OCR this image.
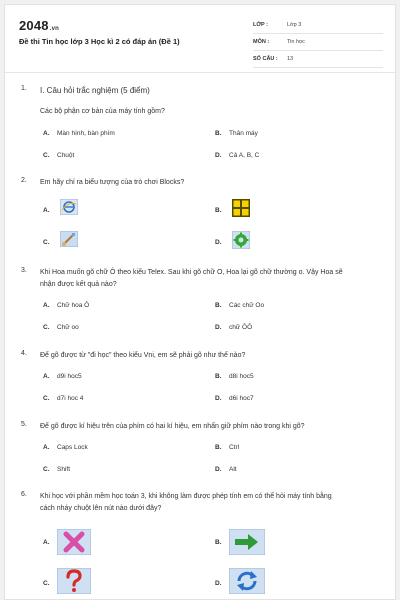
2048.vn
Đề thi Tin học lớp 3 Học kì 2 có đáp án (Đề 1)
LỚP :	Lớp 3
MÔN :	Tin học
SỐ CÂU : 13
1. I. Câu hỏi trắc nghiệm (5 điểm)
Các bộ phận cơ bản của máy tính gồm?
A. Màn hình, bàn phím	B. Thân máy
C. Chuột	D. Cả A, B, C
2. Em hãy chỉ ra biểu tượng của trò chơi Blocks?
A.	B.
C.	D.
3. Khi Hoa muốn gõ chữ Ô theo kiểu Telex. Sau khi gõ chữ O, Hoa lại gõ chữ thường o. Vậy Hoa sẽ
nhận được kết quả nào?
A. Chữ hoa Ô	B. Các chữ Oo
C. Chữ oo	D. chữ ÔÔ
4. Để gõ được từ "đi học" theo kiểu Vni, em sẽ phải gõ như thế nào?
A. d9i hoc5	B. d8i hoc5
C. d7i hoc 4	D. d6i hoc7
5. Để gõ được kí hiệu trên của phím có hai kí hiệu, em nhấn giữ phím nào trong khi gõ?
A. Caps Lock	B. Ctrl
C. Shift	D. Alt
6. Khi học với phần mềm học toán 3, khi không làm được phép tính em có thể hỏi máy tính bằng
cách nháy chuột lên nút nào dưới đây?
A.	B.
C.	D.
